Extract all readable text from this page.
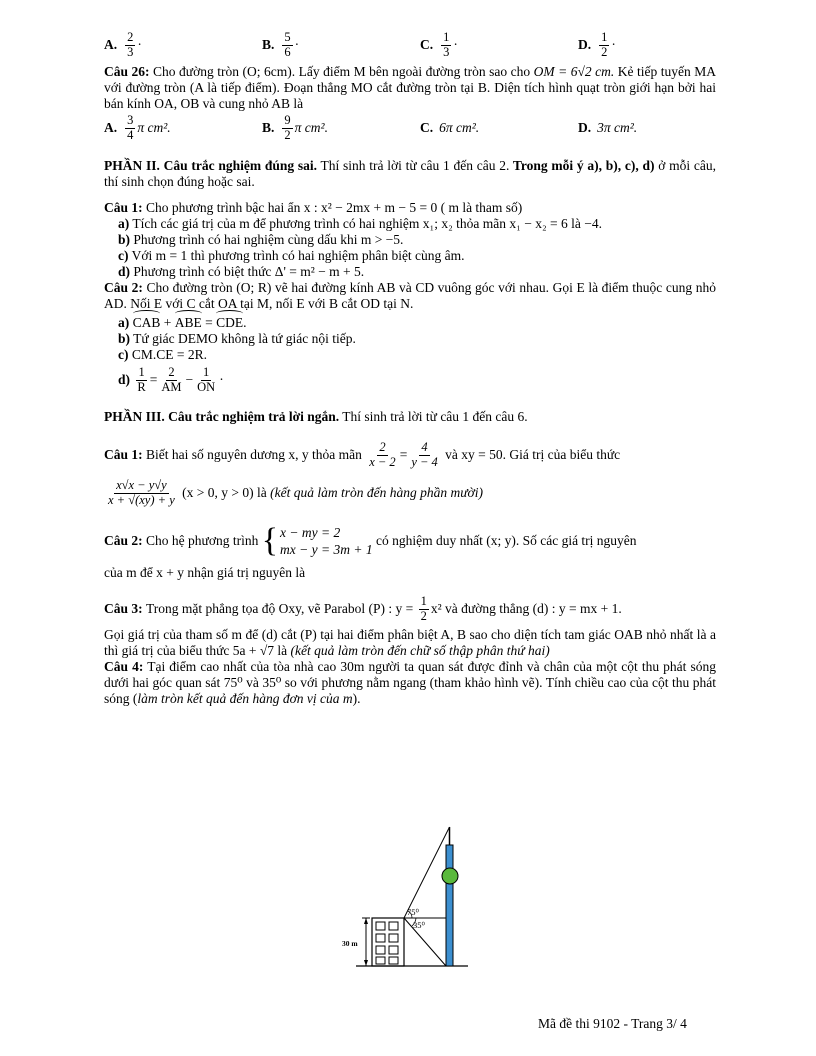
A. $\frac{2}{3}$ ·	B. $\frac{5}{6}$ ·	C. $\frac{1}{3}$ ·	D. $\frac{1}{2}$ ·

Câu 26: Cho đường tròn (O; 6cm). Lấy điểm M bên ngoài đường tròn sao cho OM = 6√2 cm. Kẻ tiếp tuyến MA với đường tròn (A là tiếp điểm). Đoạn thẳng MO cắt đường tròn tại B. Diện tích hình quạt tròn giới hạn bởi hai bán kính OA, OB và cung nhỏ AB là

A. $\frac{3}{4}$ π cm².	B. $\frac{9}{2}$ π cm².	C. 6π cm².	D. 3π cm².

PHẦN II. Câu trắc nghiệm đúng sai. Thí sinh trả lời từ câu 1 đến câu 2. Trong mỗi ý a), b), c), d) ở mỗi câu, thí sinh chọn đúng hoặc sai.

Câu 1: Cho phương trình bậc hai ẩn x : x² − 2mx + m − 5 = 0 ( m là tham số)

a) Tích các giá trị của m để phương trình có hai nghiệm x₁; x₂ thỏa mãn x₁ − x₂ = 6 là −4.

b) Phương trình có hai nghiệm cùng dấu khi m > −5.

c) Với m = 1 thì phương trình có hai nghiệm phân biệt cùng âm.

d) Phương trình có biệt thức Δ' = m² − m + 5.

Câu 2: Cho đường tròn (O; R) vẽ hai đường kính AB và CD vuông góc với nhau. Gọi E là điểm thuộc cung nhỏ AD. Nối E với C cắt OA tại M, nối E với B cắt OD tại N.

a) CAB + ABE = CDE.

b) Tứ giác DEMO không là tứ giác nội tiếp.

c) CM.CE = 2R.

d)
$\frac{1}{R} = \frac{2}{AM} - \frac{1}{ON}$ ·

PHẦN III. Câu trắc nghiệm trả lời ngắn. Thí sinh trả lời từ câu 1 đến câu 6.

Câu 1:
Biết hai số nguyên dương x, y thỏa mãn
$\frac{2}{x - 2} = \frac{4}{y - 4}$
và xy = 50. Giá trị của biểu thức
$\frac{x√x - y√y}{x + √(xy) + y}$
(x > 0, y > 0) là
(kết quả làm tròn đến hàng phần mười)
Câu 2:
Cho hệ phương trình
{ x − my = 2
mx − y = 3m + 1

có nghiệm duy nhất (x; y). Số các giá trị nguyên

của m để x + y nhận giá trị nguyên là

Câu 3:
Trong mặt phẳng tọa độ Oxy, vẽ Parabol (P) : y =
$\frac{1}{2} x^2$ và đường thẳng (d) : y = mx + 1.

Gọi giá trị của tham số m để (d) cắt (P) tại hai điểm phân biệt A, B sao cho diện tích tam giác OAB nhỏ nhất là a thì giá trị của biểu thức 5a + √7 là (kết quả làm tròn đến chữ số thập phân thứ hai)

Câu 4: Tại điểm cao nhất của tòa nhà cao 30m người ta quan sát được đỉnh và chân của một cột thu phát sóng dưới hai góc quan sát 75⁰ và 35⁰ so với phương nằm ngang (tham khảo hình vẽ). Tính chiều cao của cột thu phát sóng (làm tròn kết quả đến hàng đơn vị của m).

30 m
75⁰
35⁰
Mã đề thi 9102 - Trang 3/ 4
